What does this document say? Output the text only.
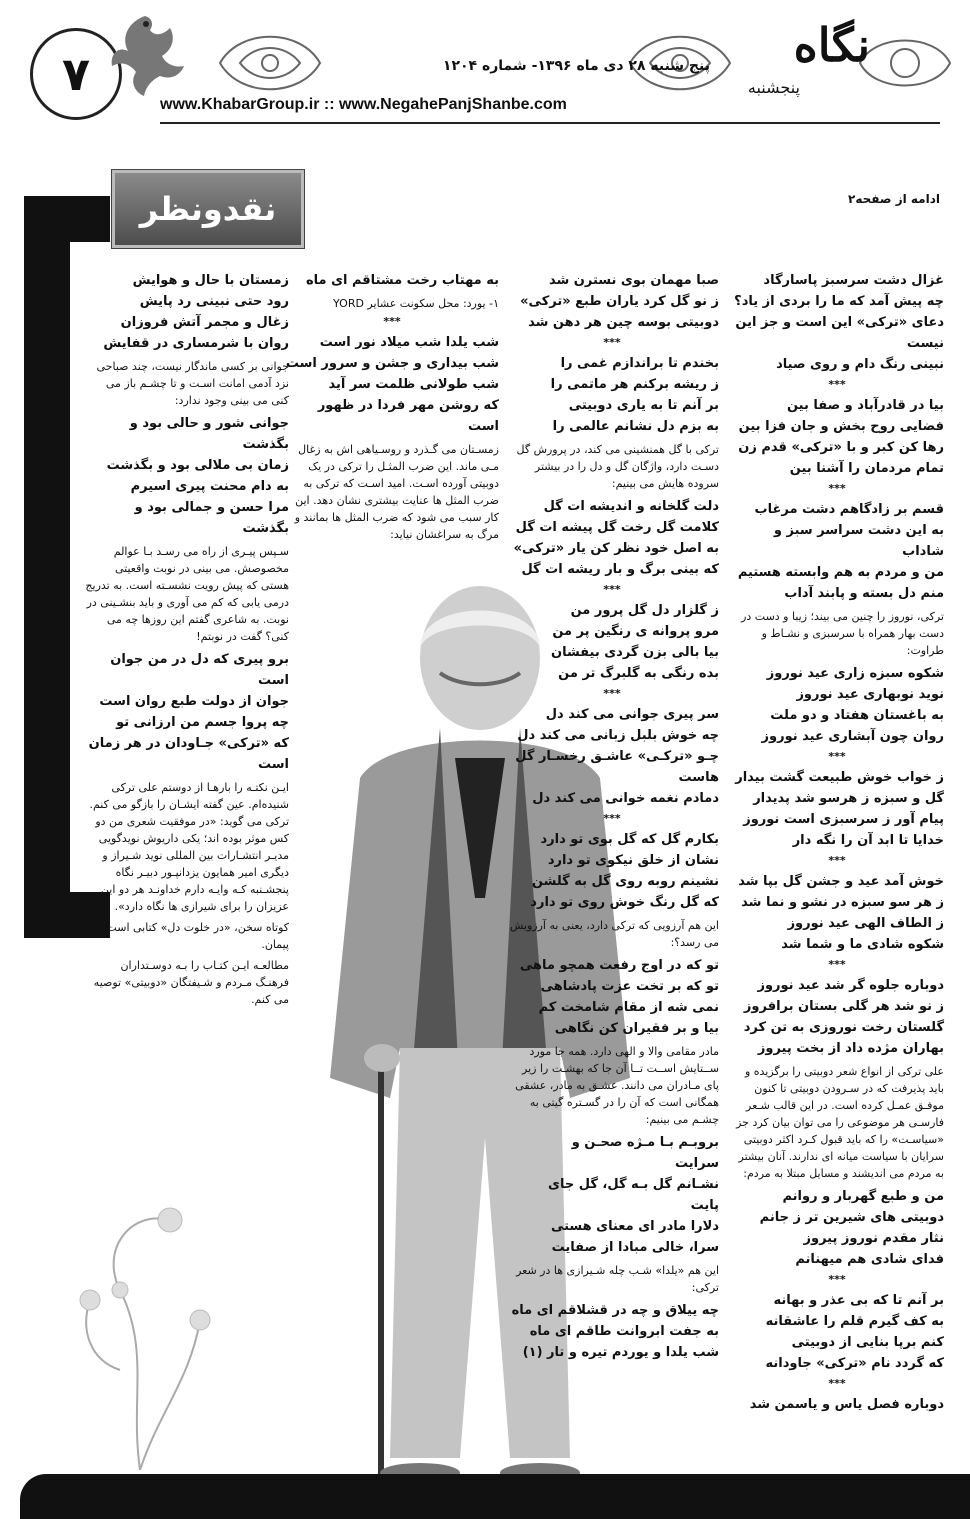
۷
نگاه
پنجشنبه
پنج شنبه ۲۸ دی ماه ۱۳۹۶- شماره ۱۲۰۴
www.KhabarGroup.ir :: www.NegahePanjShanbe.com
نقدونظر	ادامه از صفحه۲
غزال دشت سرسبز پاسارگاد
چه پیش آمد که ما را بردی از یاد؟
دعای «ترکی» این است و جز این
نیست
نبینی رنگ دام و روی صیاد
***
بیا در قادرآباد و صفا بین
فضایی روح بخش و جان فزا بین
رها کن کبر و با «ترکی» قدم زن
تمام مردمان را آشنا بین
***
قسم بر زادگاهم دشت مرغاب
به این دشت سراسر سبز و شاداب
من و مردم به هم وابسته هستیم
منم دل بسته و پابند آداب
ترکی، نوروز را چنین می بیند؛ زیبا و دست در دست بهار همراه با سرسبزی و نشـاط و طراوت:
شکوه سبزه زاری عید نوروز
نوید نوبهاری عید نوروز
به باغستان هفتاد و دو ملت
روان چون آبشاری عید نوروز
***
ز خواب خوش طبیعت گشت بیدار
گل و سبزه ز هرسو شد پدیدار
پیام آور ز سرسبزی است نوروز
خدایا تا ابد آن را نگه دار
***
خوش آمد عید و جشن گل بپا شد
ز هر سو سبزه در نشو و نما شد
ز الطاف الهی عید نوروز
شکوه شادی ما و شما شد
***
دوباره جلوه گر شد عید نوروز
ز نو شد هر گلی بستان برافروز
گلستان رخت نوروزی به تن کرد
بهاران مژده داد از بخت پیروز
علی ترکی از انواع شعر دوبیتی را برگزیده و باید پذیرفت که در سـرودن دوبیتی تا کنون موفـق عمـل کرده است. در این قالب شـعر فارسـی هر موضوعی را می توان بیان کرد جز «سیاسـت» را که باید قبول کـرد اکثر دوبیتی سرایان با سیاست میانه ای ندارند. آنان بیشتر به مردم می اندیشند و مسایل مبتلا به مردم:
من و طبع گهربار و روانم
دوبیتی های شیرین تر ز جانم
نثار مقدم نوروز پیروز
فدای شادی هم میهنانم
***
بر آنم تا که بی عذر و بهانه
به کف گیرم قلم را عاشقانه
کنم برپا بنایی از دوبیتی
که گردد نام «ترکی» جاودانه
***
دوباره فصل یاس و یاسمن شد
صبا مهمان بوی نسترن شد
ز نو گل کرد یاران طبع «ترکی»
دوبیتی بوسه چین هر دهن شد
***
بخندم تا براندازم غمی را
ز ریشه برکنم هر ماتمی را
بر آنم تا به یاری دوبیتی
به بزم دل نشانم عالمی را
ترکی با گل همنشینی می کند، در پرورش گل دسـت دارد، واژگان گل و دل را در بیشتر سروده هایش می بینیم:
دلت گلخانه و اندیشه ات گل
کلامت گل رخت گل پیشه ات گل
به اصل خود نظر کن یار «ترکی»
که بینی برگ و بار ریشه ات گل
***
ز گلزار دل گل پرور من
مرو پروانه ی رنگین پر من
بیا بالی بزن گردی بیفشان
بده رنگی به گلبرگ تر من
***
سر پیری جوانی می کند دل
چه خوش بلبل زبانی می کند دل
چـو «ترکـی» عاشـق رخسـار گل
هاست
دمادم نغمه خوانی می کند دل
***
بکارم گل که گل بوی تو دارد
نشان از خلق نیکوی تو دارد
نشینم روبه روی گل به گلشن
که گل رنگ خوش روی تو دارد
این هم آرزویی که ترکی دارد، یعنی به آرزویش می رسد؟:
تو که در اوج رفعت همچو ماهی
تو که بر تخت عزت پادشاهی
نمی شه از مقام شامخت کم
بیا و بر فقیران کن نگاهی
مادر مقامی والا و الهی دارد. همه جا مورد ســتایش اســت تــا آن جا که بهشـت را زیر پای مـادران می دانند. عشـق به مادر، عشقی همگانی است که آن را در گسـتره گیتی به چشـم می بینیم:
بروبـم بـا مـژه صحـن و
سرایت
نشـانم گل بـه گل، گل جای
پایت
دلارا مادر ای معنای هستی
سرا، خالی مبادا از صفایت
این هم «یلدا» شـب چله شـیرازی ها در شعر ترکی:
چه ییلاق و چه در قشلاقم ای ماه
به جفت ابروانت طاقم ای ماه
شب یلدا و یوردم تیره و تار (۱)
به مهتاب رخت مشتاقم ای ماه
۱- یورد: محل سکونت عشایر YORD
***
شب یلدا شب میلاد نور است
شب بیداری و جشن و سرور است
شب طولانی ظلمت سر آید
که روشن مهر فردا در ظهور است
زمسـتان می گـذرد و روسـیاهی اش به زغال مـی ماند. این ضرب المثـل را ترکی در یک دوبیتی آورده اسـت. امید اسـت که ترکی به ضرب المثل ها عنایت بیشتری نشان دهد. این کار سبب می شود که ضرب المثل ها بمانند و مرگ به سراغشان نیاید:
زمستان با حال و هوایش
رود حتی نبینی رد پایش
زغال و مجمر آتش فروزان
روان با شرمساری در قفایش
جوانی بر کسی ماندگار نیست، چند صباحی نزد آدمی امانت اسـت و تا چشـم باز می کنی می بینی وجود ندارد:
جوانی شور و حالی بود و بگذشت
زمان بی ملالی بود و بگذشت
به دام محنت پیری اسیرم
مرا حسن و جمالی بود و بگذشت
سـپس پیـری از راه می رسـد بـا عوالم مخصوصش. می بینی در نوبت واقعیتی هستی که پیش رویت نشسـته است. به تدریج درمی یابی که کم می آوری و باید بنشـینی در نوبت. به شاعری گفتم این روزها چه می کنی؟ گفت در نوبتم!
برو پیری که دل در من جوان است
جوان از دولت طبع روان است
چه پروا جسم من ارزانی تو
که «ترکی» جـاودان در هر زمان
است
ایـن نکتـه را بارهـا از دوستم علی ترکی شنیده‌ام. عین گفته ایشـان را بازگو می کنم. ترکی می گوید: «در موفقیت شعری من دو کس موثر بوده اند؛ یکی داریوش نویدگویی مدیـر انتشـارات بین المللی نوید شـیراز و دیگری امیر همایون یزدانپـور دبیـر نگاه پنجشـنبه کـه وایـه دارم خداونـد هر دو این عزیزان را برای شیرازی ها نگاه دارد».
کوتاه سخن، «در خلوت دل» کتابی است پر و پیمان.
مطالعـه ایـن کتـاب را بـه دوسـتداران فرهنـگ مـردم و شـیفتگان «دوبیتی» توصیه می کنم.
